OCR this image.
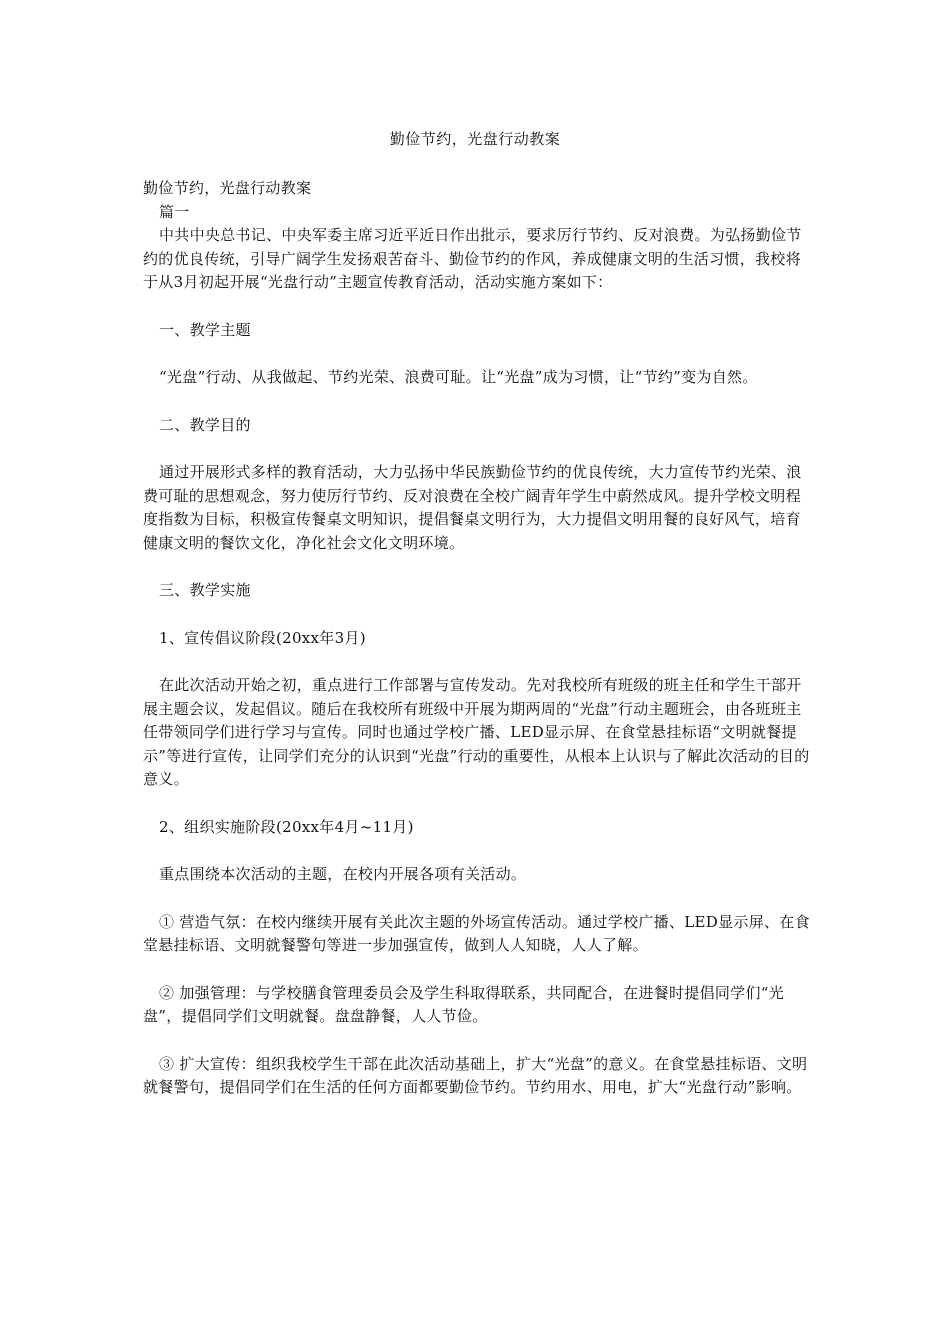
勤俭节约，光盘行动教案

勤俭节约，光盘行动教案

篇一

中共中央总书记、中央军委主席习近平近日作出批示，要求厉行节约、反对浪费。为弘扬勤俭节约的优良传统，引导广阔学生发扬艰苦奋斗、勤俭节约的作风，养成健康文明的生活习惯，我校将于从3月初起开展“光盘行动”主题宣传教育活动，活动实施方案如下：

一、教学主题

“光盘”行动、从我做起、节约光荣、浪费可耻。让“光盘”成为习惯，让“节约”变为自然。

二、教学目的

通过开展形式多样的教育活动，大力弘扬中华民族勤俭节约的优良传统，大力宣传节约光荣、浪费可耻的思想观念，努力使厉行节约、反对浪费在全校广阔青年学生中蔚然成风。提升学校文明程度指数为目标，积极宣传餐桌文明知识，提倡餐桌文明行为，大力提倡文明用餐的良好风气，培育健康文明的餐饮文化，净化社会文化文明环境。

三、教学实施

1、宣传倡议阶段(20xx年3月)

在此次活动开始之初，重点进行工作部署与宣传发动。先对我校所有班级的班主任和学生干部开展主题会议，发起倡议。随后在我校所有班级中开展为期两周的“光盘”行动主题班会，由各班班主任带领同学们进行学习与宣传。同时也通过学校广播、LED显示屏、在食堂悬挂标语“文明就餐提示”等进行宣传，让同学们充分的认识到“光盘”行动的重要性，从根本上认识与了解此次活动的目的意义。

2、组织实施阶段(20xx年4月~11月)

重点围绕本次活动的主题，在校内开展各项有关活动。

① 营造气氛：在校内继续开展有关此次主题的外场宣传活动。通过学校广播、LED显示屏、在食堂悬挂标语、文明就餐警句等进一步加强宣传，做到人人知晓，人人了解。

② 加强管理：与学校膳食管理委员会及学生科取得联系，共同配合，在进餐时提倡同学们“光盘”，提倡同学们文明就餐。盘盘静餐，人人节俭。

③ 扩大宣传：组织我校学生干部在此次活动基础上，扩大“光盘”的意义。在食堂悬挂标语、文明就餐警句，提倡同学们在生活的任何方面都要勤俭节约。节约用水、用电，扩大“光盘行动”影响。
